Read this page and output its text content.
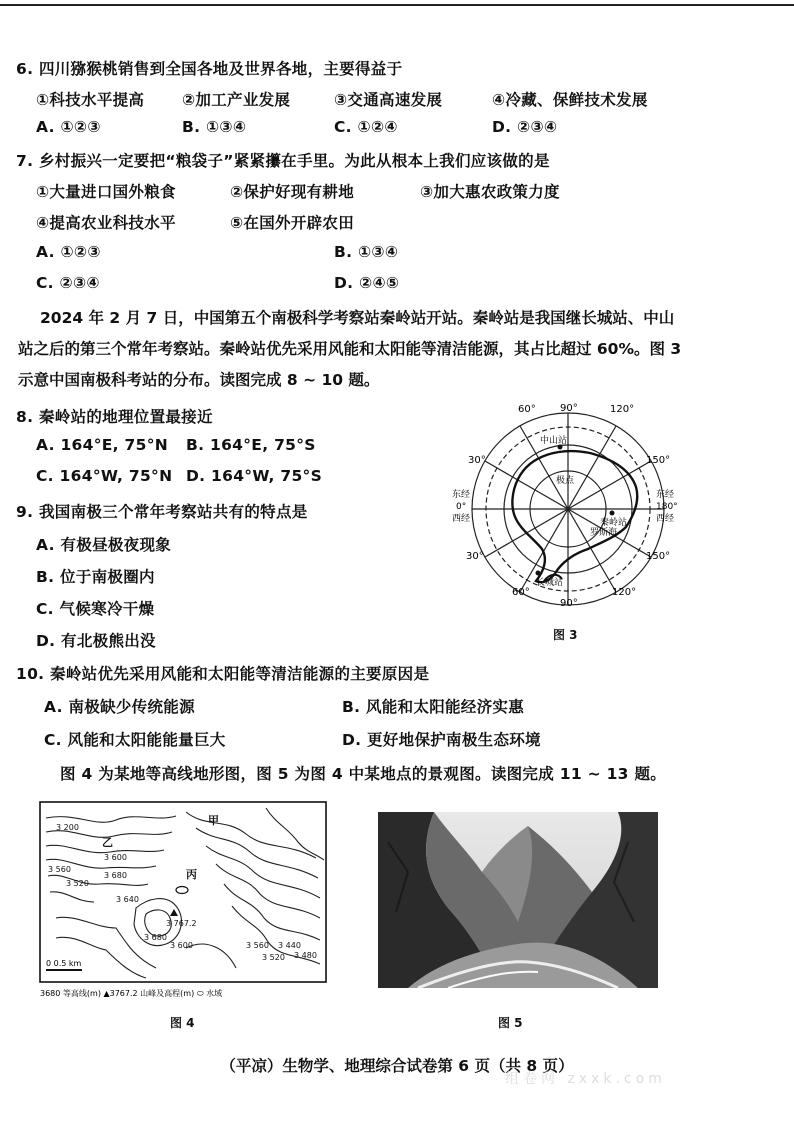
6. 四川猕猴桃销售到全国各地及世界各地，主要得益于
①科技水平提高 ②加工产业发展	③交通高速发展	④冷藏、保鲜技术发展
A. ①②③	B. ①③④	C. ①②④	D. ②③④
7. 乡村振兴一定要把“粮袋子”紧紧攥在手里。为此从根本上我们应该做的是
①大量进口国外粮食	②保护好现有耕地	③加大惠农政策力度
④提高农业科技水平	⑤在国外开辟农田
A. ①②③	B. ①③④
C. ②③④	D. ②④⑤
2024 年 2 月 7 日，中国第五个南极科学考察站秦岭站开站。秦岭站是我国继长城站、中山站之后的第三个常年考察站。秦岭站优先采用风能和太阳能等清洁能源，其占比超过 60%。图 3 示意中国南极科考站的分布。读图完成 8 ~ 10 题。
8. 秦岭站的地理位置最接近
A. 164°E, 75°N B. 164°E, 75°S
C. 164°W, 75°N D. 164°W, 75°S
9. 我国南极三个常年考察站共有的特点是
A. 有极昼极夜现象
B. 位于南极圈内
C. 气候寒冷干燥
D. 有北极熊出没
60° 90°	120°
30°	150°
30°	150°
60°
90°
120°
东经
0°
西经
东经
180°
西经
中山站
极点
秦岭站
罗斯海
长城站
图 3
10. 秦岭站优先采用风能和太阳能等清洁能源的主要原因是
A. 南极缺少传统能源	B. 风能和太阳能经济实惠
C. 风能和太阳能能量巨大	D. 更好地保护南极生态环境
图 4 为某地等高线地形图，图 5 为图 4 中某地点的景观图。读图完成 11 ~ 13 题。
3 200
3 600
3 560
3 520
3 640
3 680
3 767.2
3 680
3 600	3 560
3 520
3 440
3 480
甲
乙
丙
0 0.5 km
3680 等高线(m) ▲3767.2 山峰及高程(m) ⬭ 水域
图 4	图 5
（平凉）生物学、地理综合试卷第 6 页（共 8 页）
组卷网 zxxk.com
